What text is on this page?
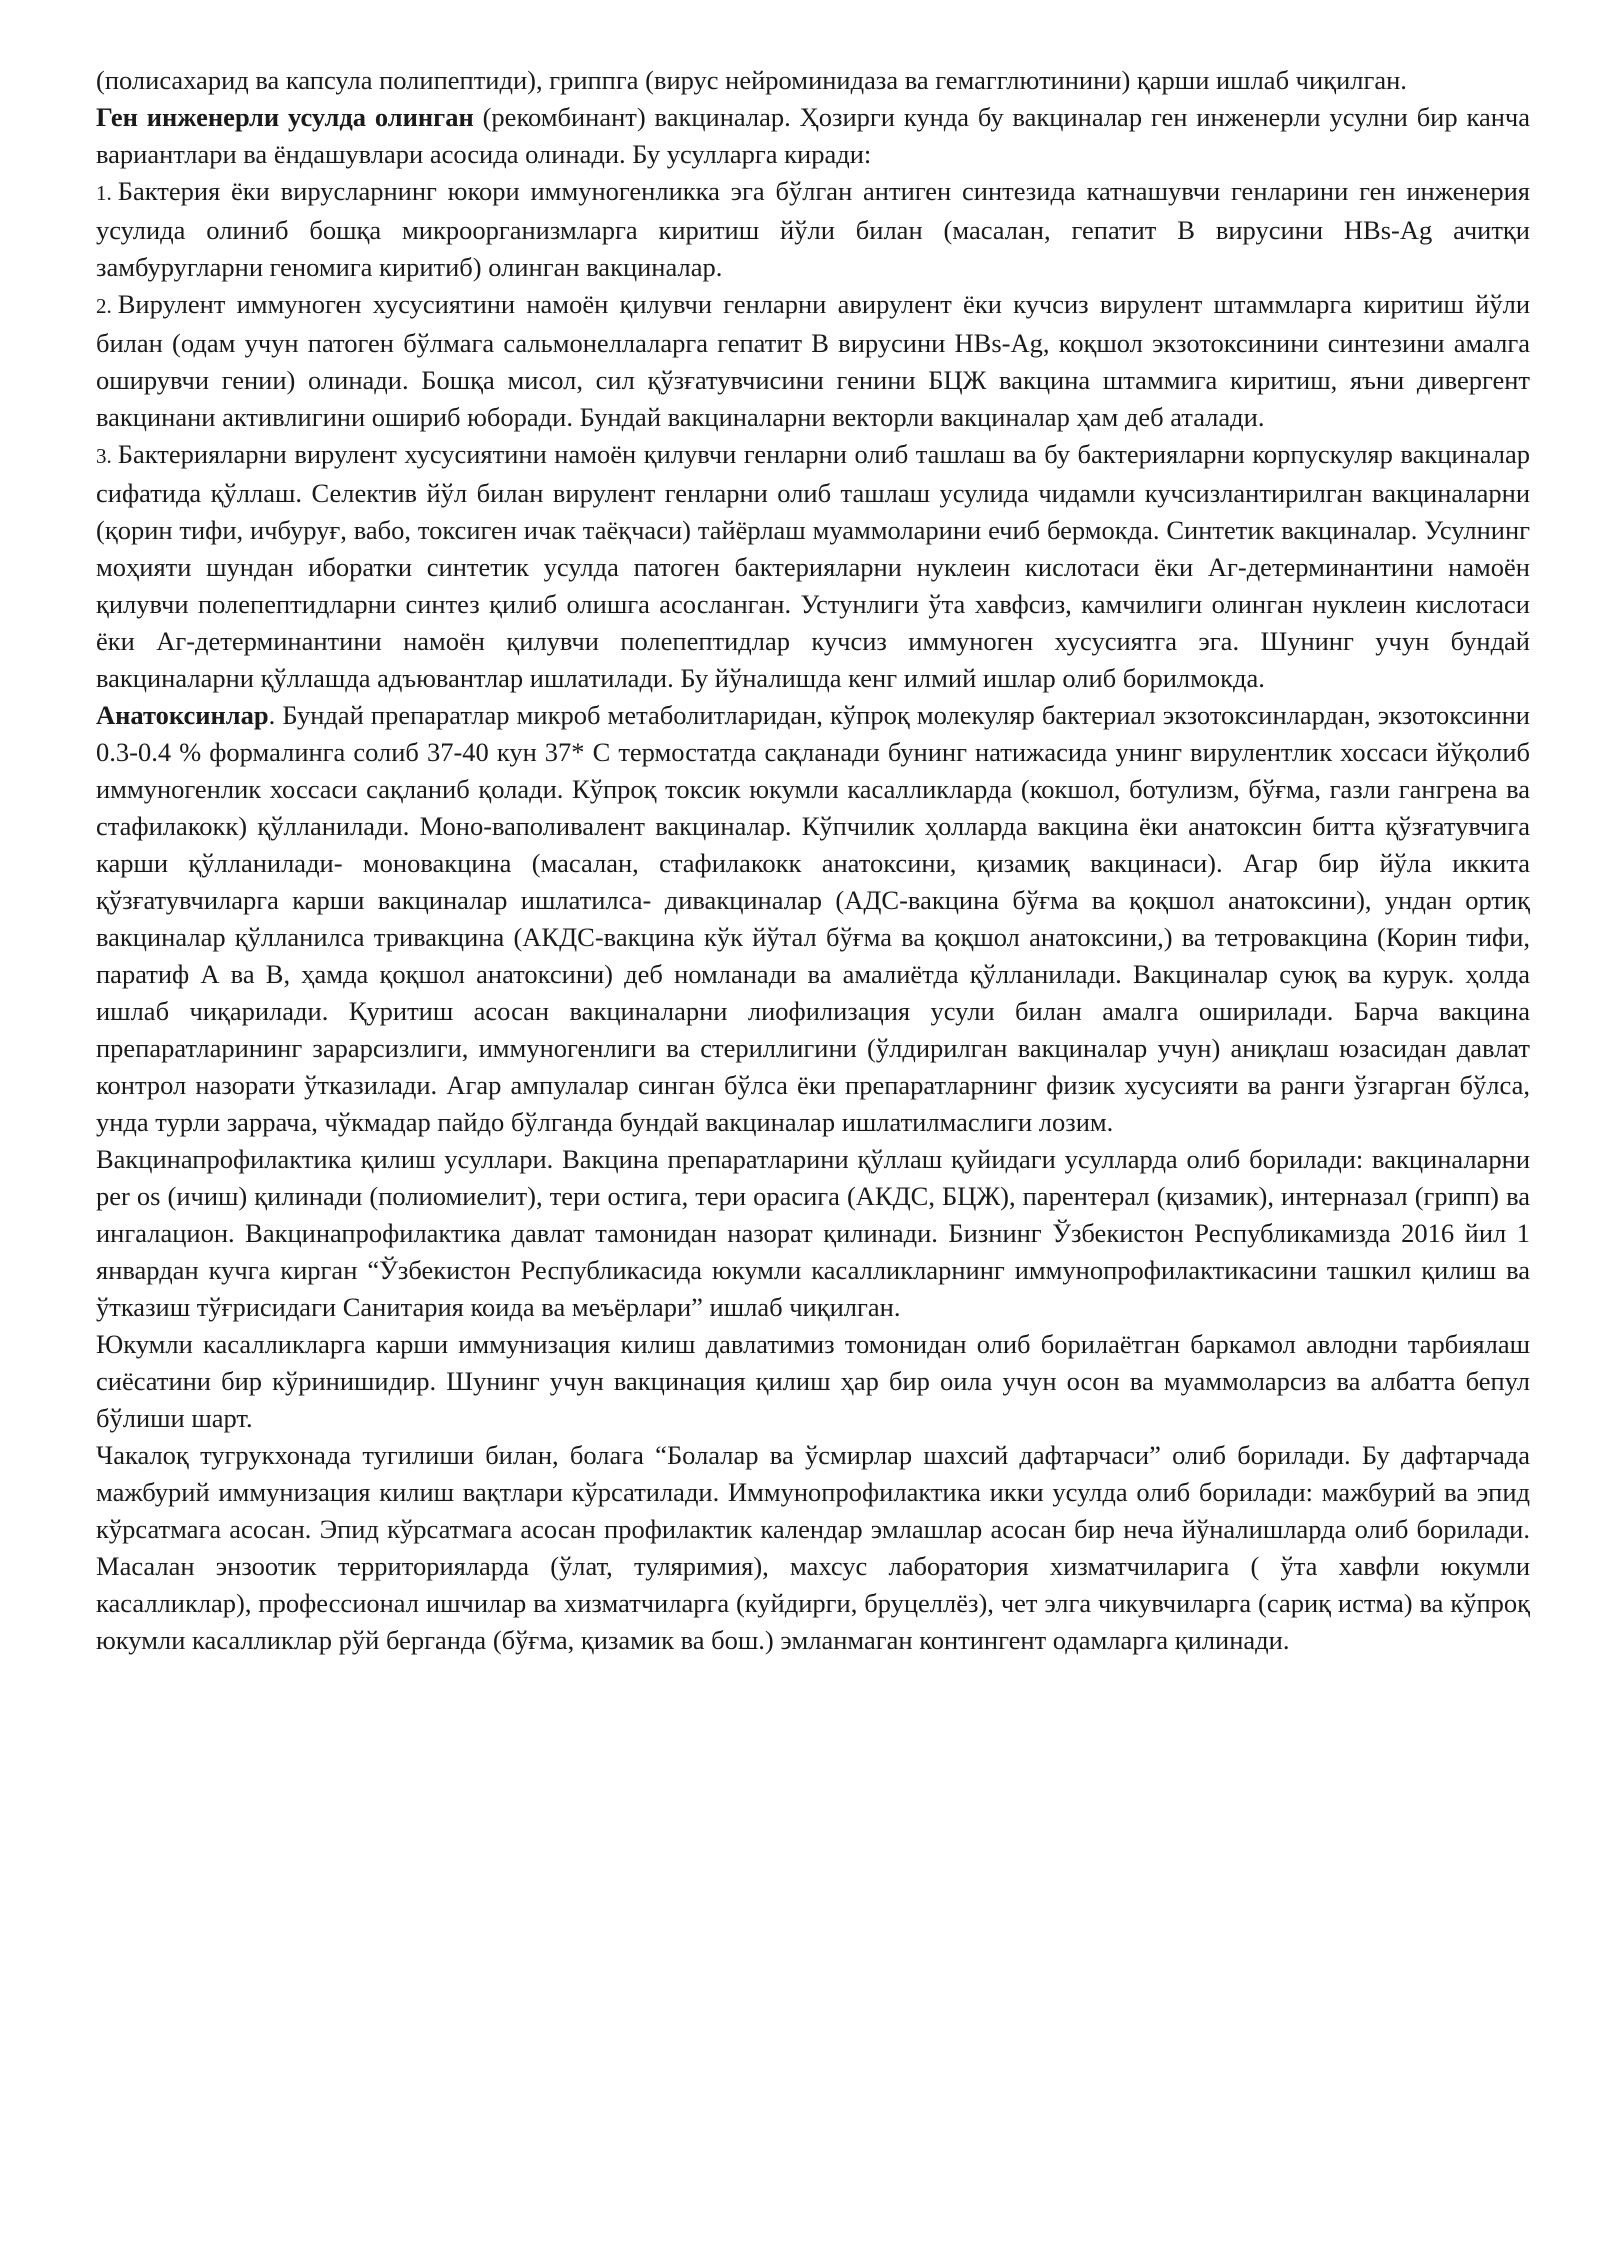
(полисахарид ва капсула полипептиди), гриппга (вирус нейроминидаза ва гемагглютинини) қарши ишлаб чиқилган.

Ген инженерли усулда олинган (рекомбинант) вакциналар. Ҳозирги кунда бу вакциналар ген инженерли усулни бир канча вариантлари ва ёндашувлари асосида олинади. Бу усулларга киради:

1. Бактерия ёки вирусларнинг юкори иммуногенликка эга бўлган антиген синтезида катнашувчи генларини ген инженерия усулида олиниб бошқа микроорганизмларга киритиш йўли билан (масалан, гепатит В вирусини HBs-Ag ачитқи замбуругларни геномига киритиб) олинган вакциналар.

2. Вирулент иммуноген хусусиятини намоён қилувчи генларни авирулент ёки кучсиз вирулент штаммларга киритиш йўли билан (одам учун патоген бўлмага сальмонеллаларга гепатит В вирусини HBs-Ag, коқшол экзотоксинини синтезини амалга оширувчи гении) олинади. Бошқа мисол, сил қўзғатувчисини генини БЦЖ вакцина штаммига киритиш, яъни дивергент вакцинани активлигини ошириб юборади. Бундай вакциналарни векторли вакциналар ҳам деб аталади.

3. Бактерияларни вирулент хусусиятини намоён қилувчи генларни олиб ташлаш ва бу бактерияларни корпускуляр вакциналар сифатида қўллаш. Селектив йўл билан вирулент генларни олиб ташлаш усулида чидамли кучсизлантирилган вакциналарни (қорин тифи, ичбуруғ, вабо, токсиген ичак таёқчаси) тайёрлаш муаммоларини ечиб бермокда. Синтетик вакциналар. Усулнинг моҳияти шундан иборатки синтетик усулда патоген бактерияларни нуклеин кислотаси ёки Аг-детерминантини намоён қилувчи полепептидларни синтез қилиб олишга асосланган. Устунлиги ўта хавфсиз, камчилиги олинган нуклеин кислотаси ёки Аг-детерминантини намоён қилувчи полепептидлар кучсиз иммуноген хусусиятга эга. Шунинг учун бундай вакциналарни қўллашда адъювантлар ишлатилади. Бу йўналишда кенг илмий ишлар олиб борилмокда.

Анатоксинлар. Бундай препаратлар микроб метаболитларидан, кўпроқ молекуляр бактериал экзотоксинлардан, экзотоксинни 0.3-0.4 % формалинга солиб 37-40 кун 37* С термостатда сақланади бунинг натижасида унинг вирулентлик хоссаси йўқолиб иммуногенлик хоссаси сақланиб қолади. Кўпроқ токсик юкумли касалликларда (кокшол, ботулизм, бўғма, газли гангрена ва стафилакокк) қўлланилади. Моно-ваполивалент вакциналар. Кўпчилик ҳолларда вакцина ёки анатоксин битта қўзғатувчига карши қўлланилади- моновакцина (масалан, стафилакокк анатоксини, қизамиқ вакцинаси). Агар бир йўла иккита қўзғатувчиларга карши вакциналар ишлатилса- дивакциналар (АДС-вакцина бўғма ва қоқшол анатоксини), ундан ортиқ вакциналар қўлланилса тривакцина (АКДС-вакцина кўк йўтал бўғма ва қоқшол анатоксини,) ва тетровакцина (Корин тифи, паратиф А ва В, ҳамда қоқшол анатоксини) деб номланади ва амалиётда қўлланилади. Вакциналар суюқ ва курук. ҳолда ишлаб чиқарилади. Қуритиш асосан вакциналарни лиофилизация усули билан амалга оширилади. Барча вакцина препаратларининг зарарсизлиги, иммуногенлиги ва стериллигини (ўлдирилган вакциналар учун) аниқлаш юзасидан давлат контрол назорати ўтказилади. Агар ампулалар синган бўлса ёки препаратларнинг физик хусусияти ва ранги ўзгарган бўлса, унда турли заррача, чўкмадар пайдо бўлганда бундай вакциналар ишлатилмаслиги лозим.

Вакцинапрофилактика қилиш усуллари. Вакцина препаратларини қўллаш қуйидаги усулларда олиб борилади: вакциналарни per os (ичиш) қилинади (полиомиелит), тери остига, тери орасига (АКДС, БЦЖ), парентерал (қизамик), интерназал (грипп) ва ингалацион. Вакцинапрофилактика давлат тамонидан назорат қилинади. Бизнинг Ўзбекистон Республикамизда 2016 йил 1 январдан кучга кирган “Ўзбекистон Республикасида юкумли касалликларнинг иммунопрофилактикасини ташкил қилиш ва ўтказиш тўғрисидаги Санитария коида ва меъёрлари” ишлаб чиқилган.

Юкумли касалликларга карши иммунизация килиш давлатимиз томонидан олиб борилаётган баркамол авлодни тарбиялаш сиёсатини бир кўринишидир. Шунинг учун вакцинация қилиш ҳар бир оила учун осон ва муаммоларсиз ва албатта бепул бўлиши шарт.

Чакалоқ тугрукхонада тугилиши билан, болага “Болалар ва ўсмирлар шахсий дафтарчаси” олиб борилади. Бу дафтарчада мажбурий иммунизация килиш вақтлари кўрсатилади. Иммунопрофилактика икки усулда олиб борилади: мажбурий ва эпид кўрсатмага асосан. Эпид кўрсатмага асосан профилактик календар эмлашлар асосан бир неча йўналишларда олиб борилади. Масалан энзоотик территорияларда (ўлат, туляримия), махсус лаборатория хизматчиларига ( ўта хавфли юкумли касалликлар), профессионал ишчилар ва хизматчиларга (куйдирги, бруцеллёз), чет элга чикувчиларга (сариқ истма) ва кўпроқ юкумли касалликлар рўй берганда (бўғма, қизамик ва бош.) эмланмаган контингент одамларга қилинади.
